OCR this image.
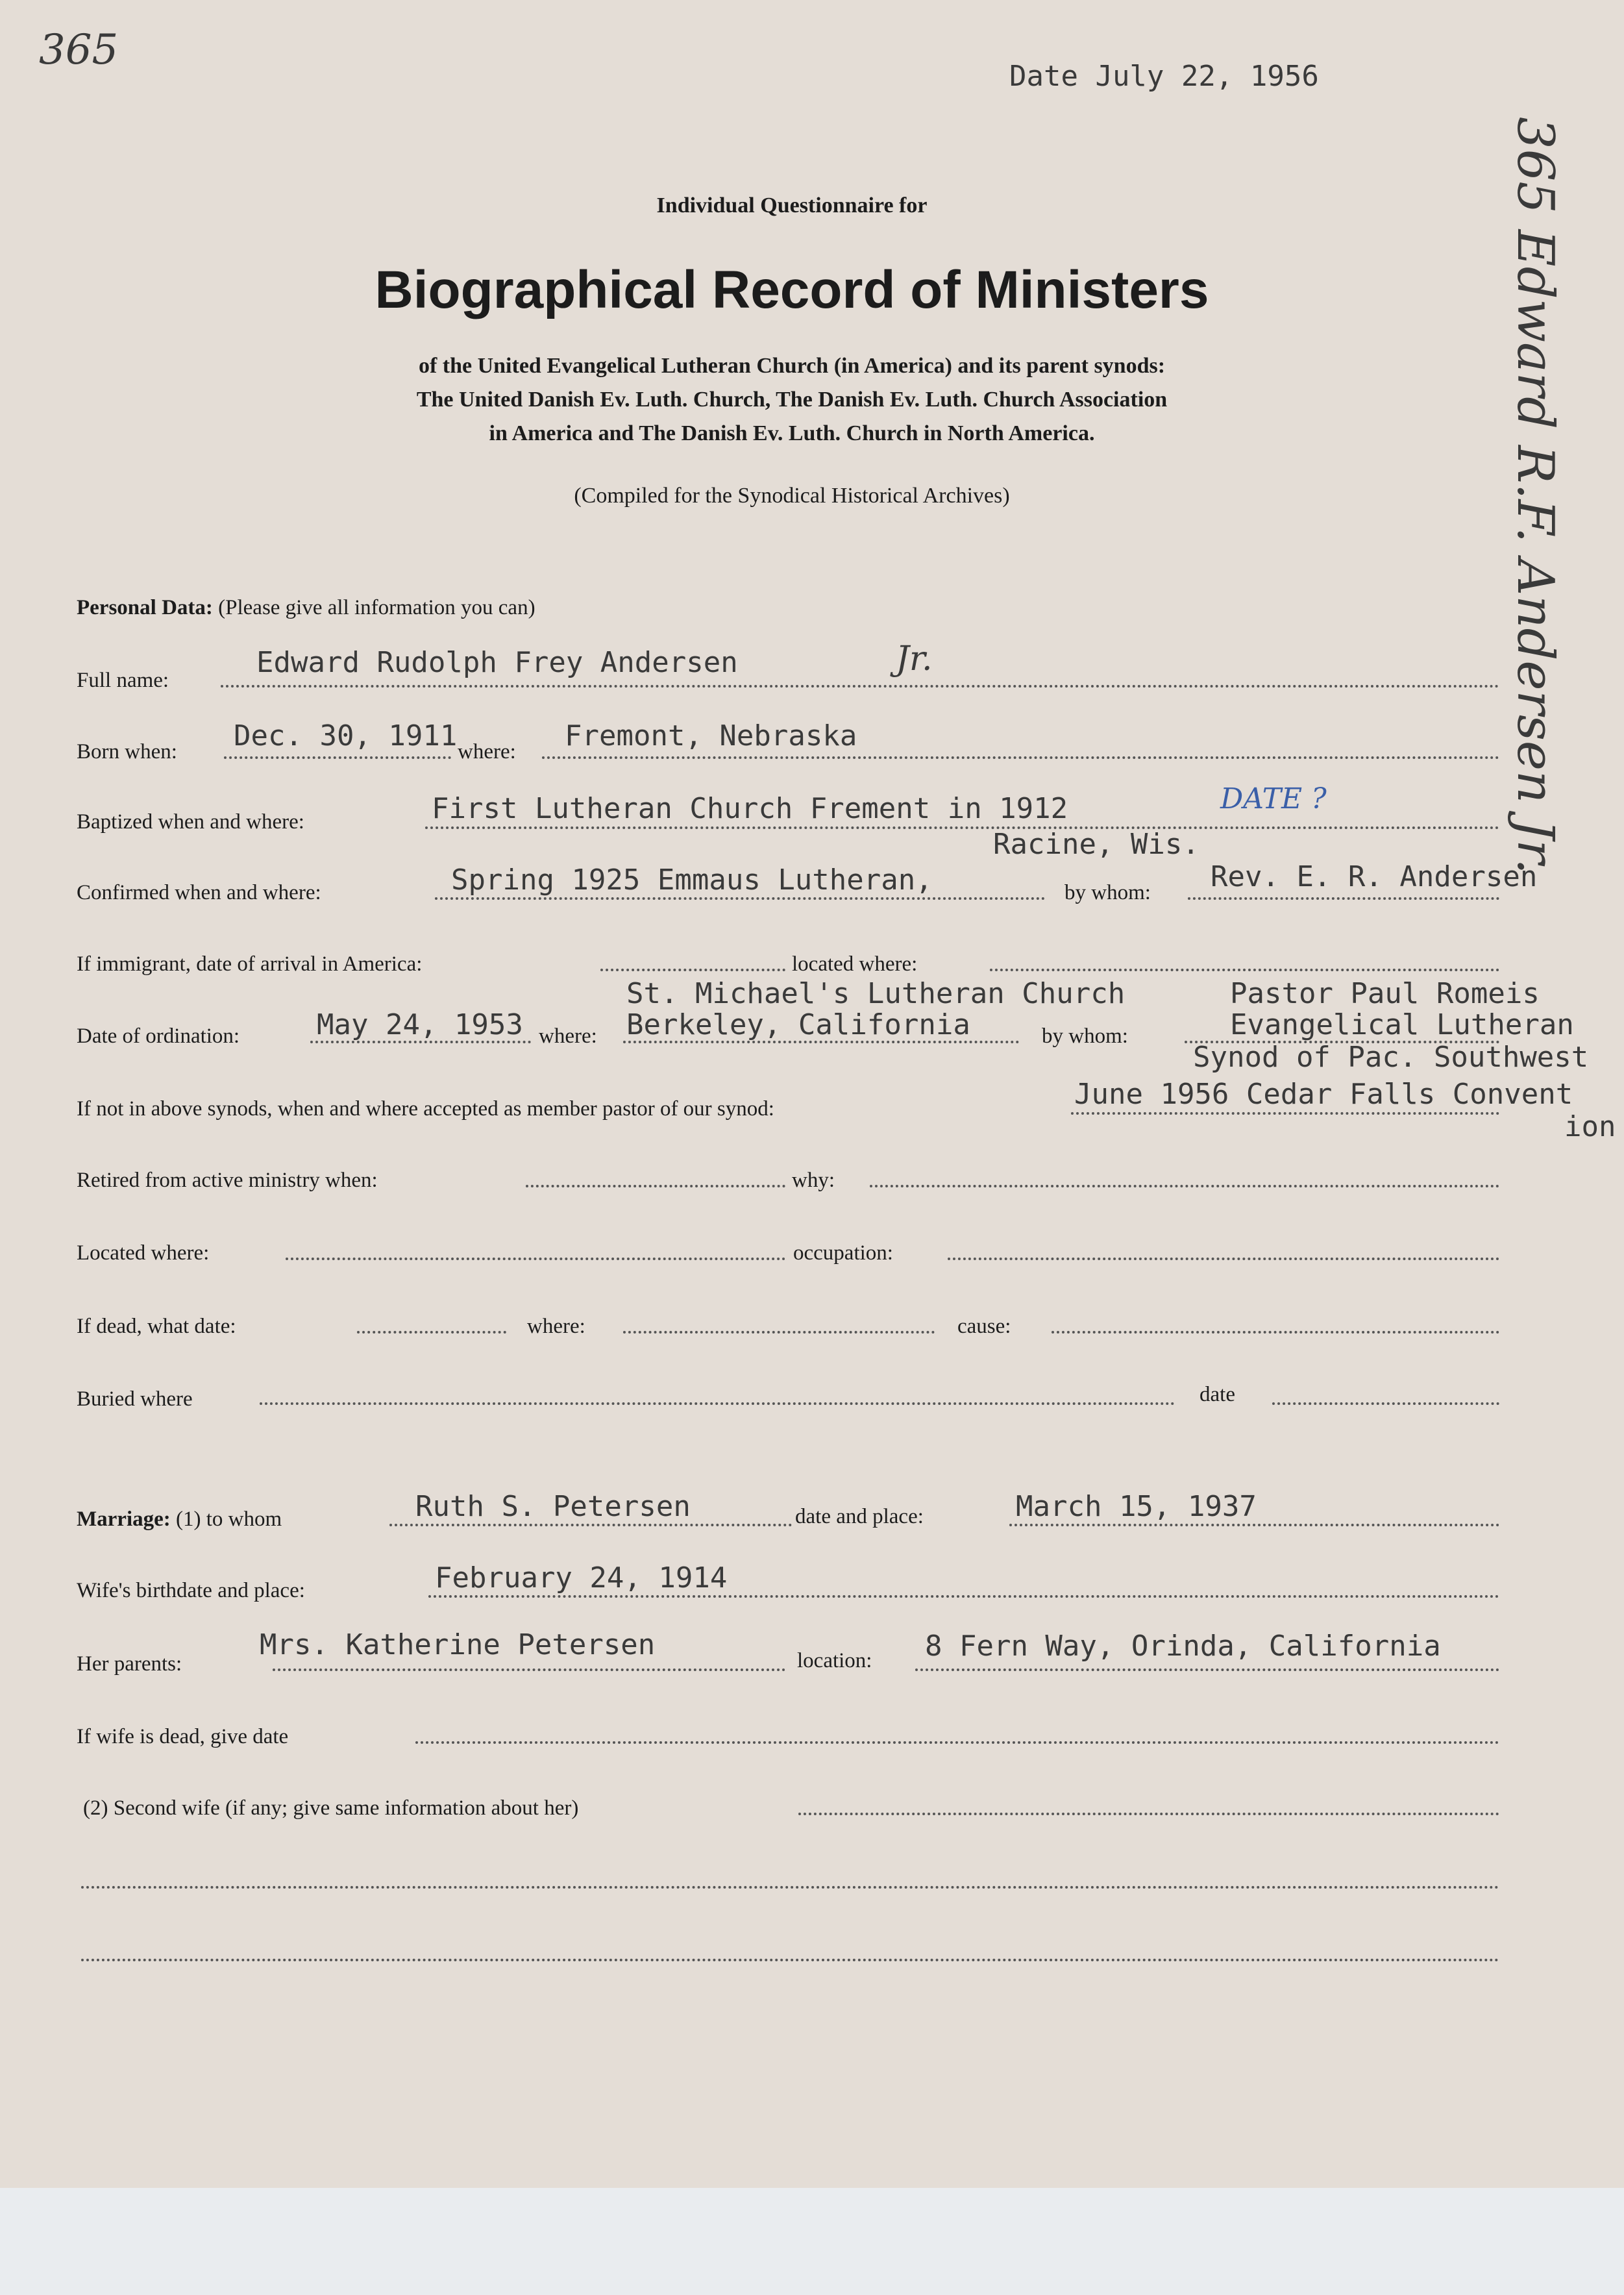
365
365 Edward R.F. Andersen Jr.
Date July 22, 1956
Individual Questionnaire for
Biographical Record of Ministers
of the United Evangelical Lutheran Church (in America) and its parent synods:
The United Danish Ev. Luth. Church, The Danish Ev. Luth. Church Association
in America and The Danish Ev. Luth. Church in North America.
(Compiled for the Synodical Historical Archives)
Personal Data: (Please give all information you can)
Full name:
Edward Rudolph Frey Andersen	Jr.
Born when: Dec. 30, 1911 where: Fremont, Nebraska
Baptized when and where:	First Lutheran Church Frement in 1912	DATE ?
Racine, Wis.
Confirmed when and where:	Spring 1925 Emmaus Lutheran,	by whom: Rev. E. R. Andersen
If immigrant, date of arrival in America:	located where:
St. Michael's Lutheran Church	Pastor Paul Romeis
Date of ordination:	May 24, 1953 where: Berkeley, California	by whom:	Evangelical Lutheran
Synod of Pac. Southwest
If not in above synods, when and where accepted as member pastor of our synod:	June 1956 Cedar Falls Convent
ion
Retired from active ministry when:	why:
Located where:	occupation:
If dead, what date:	where:	cause:
Buried where	date
Marriage: (1) to whom	Ruth S. Petersen	date and place:	March 15, 1937
Wife's birthdate and place:	February 24, 1914
Her parents:
Mrs. Katherine Petersen	location: 8 Fern Way, Orinda, California
If wife is dead, give date
(2) Second wife (if any; give same information about her)
